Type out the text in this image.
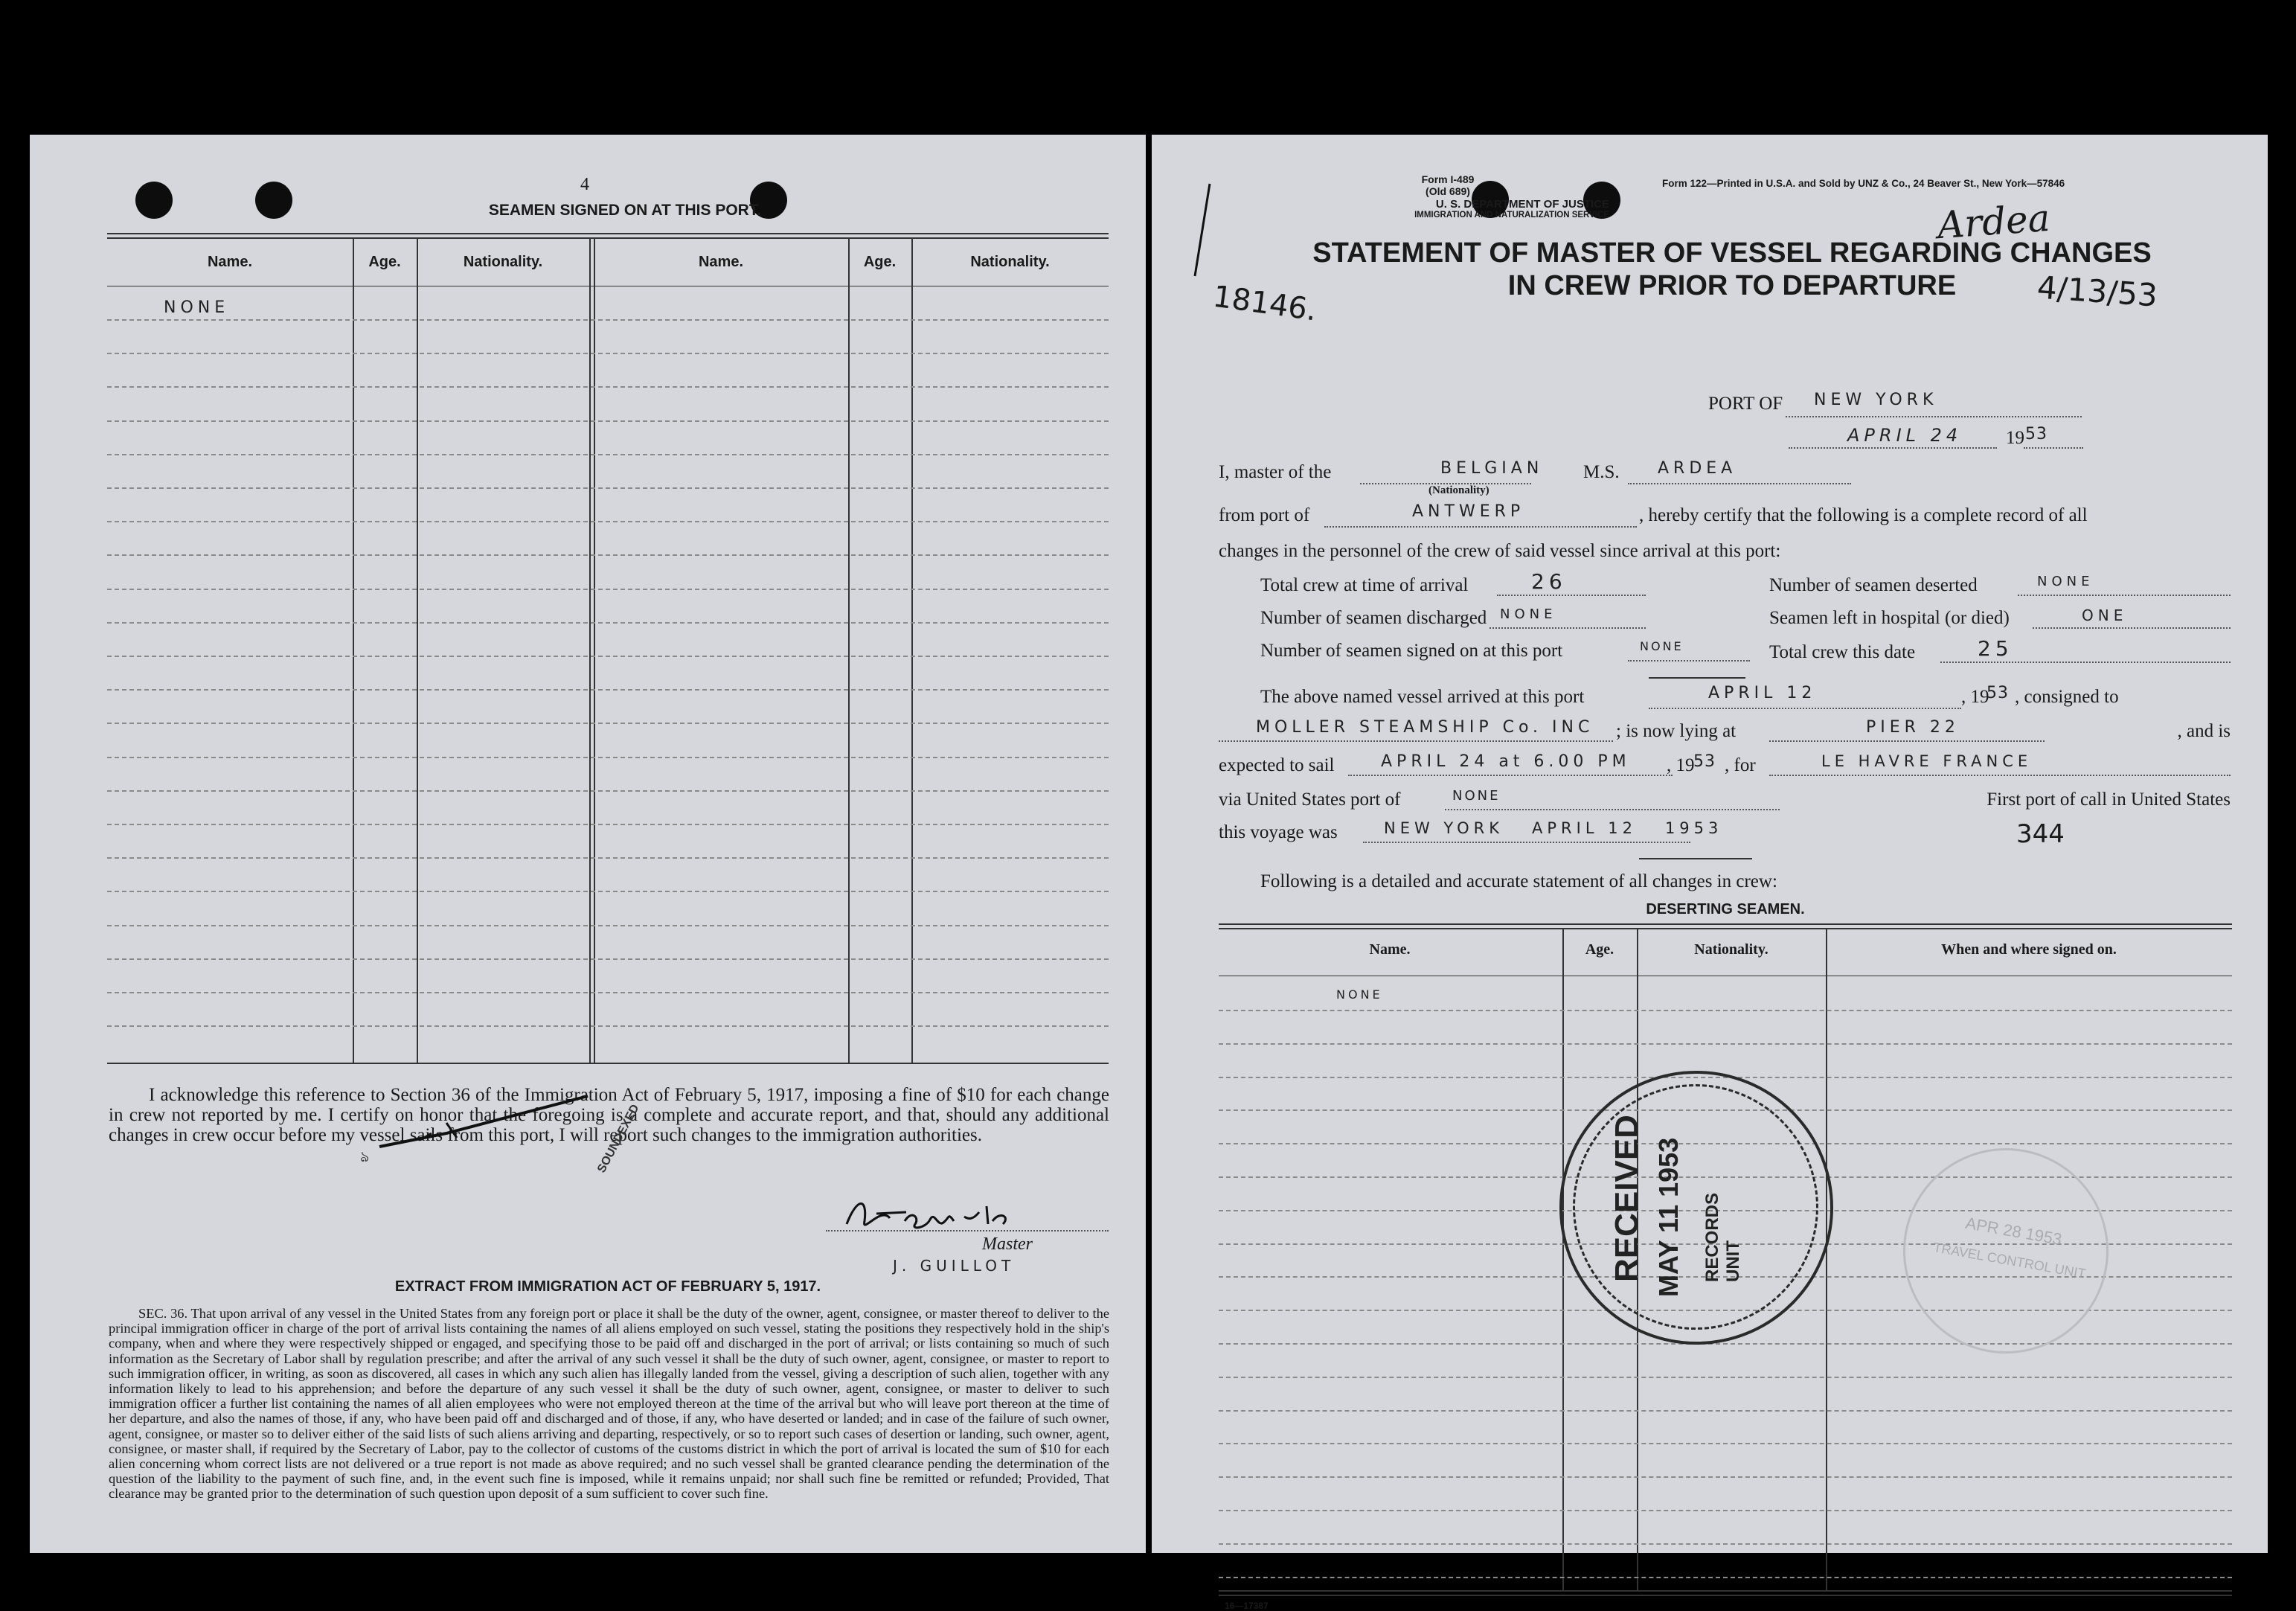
4
SEAMEN SIGNED ON AT THIS PORT.
Name.	Age.	Nationality.	Name.	Age.	Nationality.
NONE
I acknowledge this reference to Section 36 of the Immigration Act of February 5, 1917, imposing a fine of $10 for each change in crew not reported by me. I certify on honor that the foregoing is a complete and accurate report, and that, should any additional changes in crew occur before my vessel sails from this port, I will report such changes to the immigration authorities.
SOUNDEXED
ঌ
Master
J. GUILLOT
EXTRACT FROM IMMIGRATION ACT OF FEBRUARY 5, 1917.
SEC. 36. That upon arrival of any vessel in the United States from any foreign port or place it shall be the duty of the owner, agent, consignee, or master thereof to deliver to the principal immigration officer in charge of the port of arrival lists containing the names of all aliens employed on such vessel, stating the positions they respectively hold in the ship's company, when and where they were respectively shipped or engaged, and specifying those to be paid off and discharged in the port of arrival; or lists containing so much of such information as the Secretary of Labor shall by regulation prescribe; and after the arrival of any such vessel it shall be the duty of such owner, agent, consignee, or master to report to such immigration officer, in writing, as soon as discovered, all cases in which any such alien has illegally landed from the vessel, giving a description of such alien, together with any information likely to lead to his apprehension; and before the departure of any such vessel it shall be the duty of such owner, agent, consignee, or master to deliver to such immigration officer a further list containing the names of all alien employees who were not employed thereon at the time of the arrival but who will leave port thereon at the time of her departure, and also the names of those, if any, who have been paid off and discharged and of those, if any, who have deserted or landed; and in case of the failure of such owner, agent, consignee, or master so to deliver either of the said lists of such aliens arriving and departing, respectively, or so to report such cases of desertion or landing, such owner, agent, consignee, or master shall, if required by the Secretary of Labor, pay to the collector of customs of the customs district in which the port of arrival is located the sum of $10 for each alien concerning whom correct lists are not delivered or a true report is not made as above required; and no such vessel shall be granted clearance pending the determination of the question of the liability to the payment of such fine, and, in the event such fine is imposed, while it remains unpaid; nor shall such fine be remitted or refunded; Provided, That clearance may be granted prior to the determination of such question upon deposit of a sum sufficient to cover such fine.
Form I-489
(Old 689)
U. S. DEPARTMENT OF JUSTICE
IMMIGRATION AND NATURALIZATION SERVICE
Form 122—Printed in U.S.A. and Sold by UNZ & Co., 24 Beaver St., New York—57846
Ardea
4/13/53
18146.
STATEMENT OF MASTER OF VESSEL REGARDING CHANGES
IN CREW PRIOR TO DEPARTURE
PORT OF NEW YORK
APRIL 24 19 53
I, master of the	BELGIAN
(Nationality)
M.S. ARDEA
from port of	ANTWERP	, hereby certify that the following is a complete record of all
changes in the personnel of the crew of said vessel since arrival at this port:
Total crew at time of arrival	26	Number of seamen deserted	NONE
Number of seamen discharged NONE	Seamen left in hospital (or died)	ONE
Number of seamen signed on at this port	NONE	Total crew this date	25
The above named vessel arrived at this port	APRIL 12	, 19
53 , consigned to
MOLLER STEAMSHIP Co. INC ; is now lying at	PIER 22	, and is
expected to sail	APRIL 24 at 6.00 PM , 19
53 , for	LE HAVRE FRANCE
via United States port of	NONE	First port of call in United States
this voyage was	NEW YORK   APRIL 12   1953	344
Following is a detailed and accurate statement of all changes in crew:
DESERTING SEAMEN.
Name.	Age.	Nationality.	When and where signed on.
NONE
16—17387
RECEIVED MAY 11 1953 RECORDS UNIT
APR 28 1953
TRAVEL CONTROL UNIT
